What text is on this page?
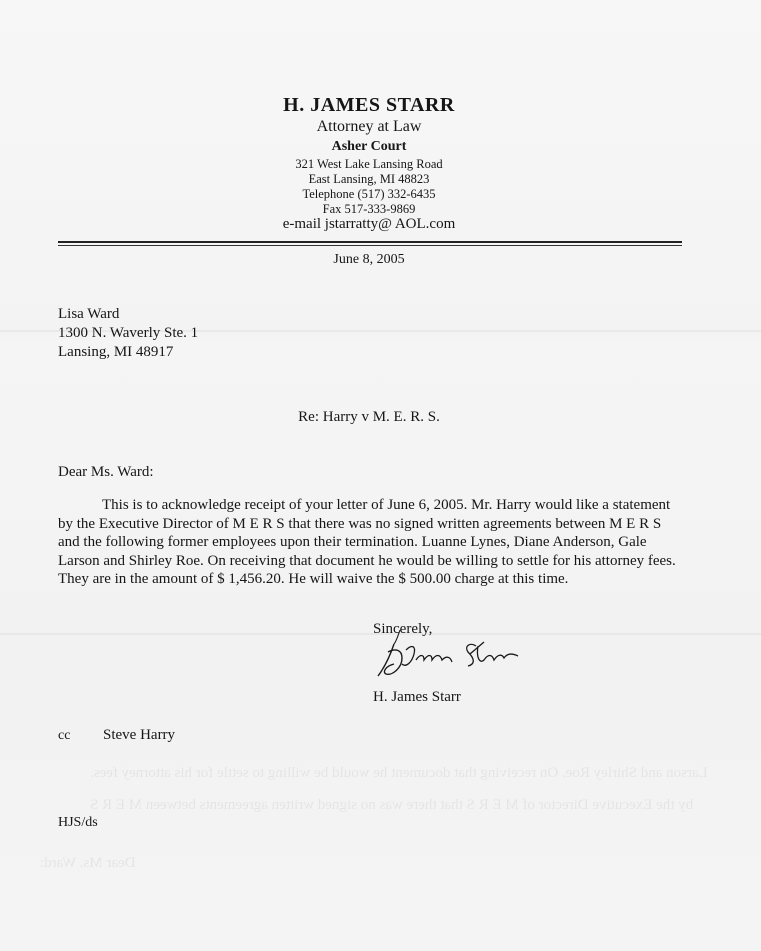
Larson and Shirley Roe. On receiving that document he would be willing to settle for his attorney fees.
by the Executive Director of M E R S that there was no signed written agreements between M E R S
Dear Ms. Ward:
H. JAMES STARR
Attorney at Law
Asher Court
321 West Lake Lansing Road
East Lansing, MI 48823
Telephone (517) 332-6435
Fax 517-333-9869
e-mail jstarratty@ AOL.com
June 8, 2005
Lisa Ward
1300 N. Waverly Ste. 1
Lansing, MI 48917
Re: Harry v M. E. R. S.
Dear Ms. Ward:
This is to acknowledge receipt of your letter of June 6, 2005. Mr. Harry would like a statement
by the Executive Director of M E R S that there was no signed written agreements between M E R S
and the following former employees upon their termination. Luanne Lynes, Diane Anderson, Gale
Larson and Shirley Roe. On receiving that document he would be willing to settle for his attorney fees.
They are in the amount of $ 1,456.20. He will waive the $ 500.00 charge at this time.
Sincerely,
H. James Starr
cc Steve Harry
HJS/ds
